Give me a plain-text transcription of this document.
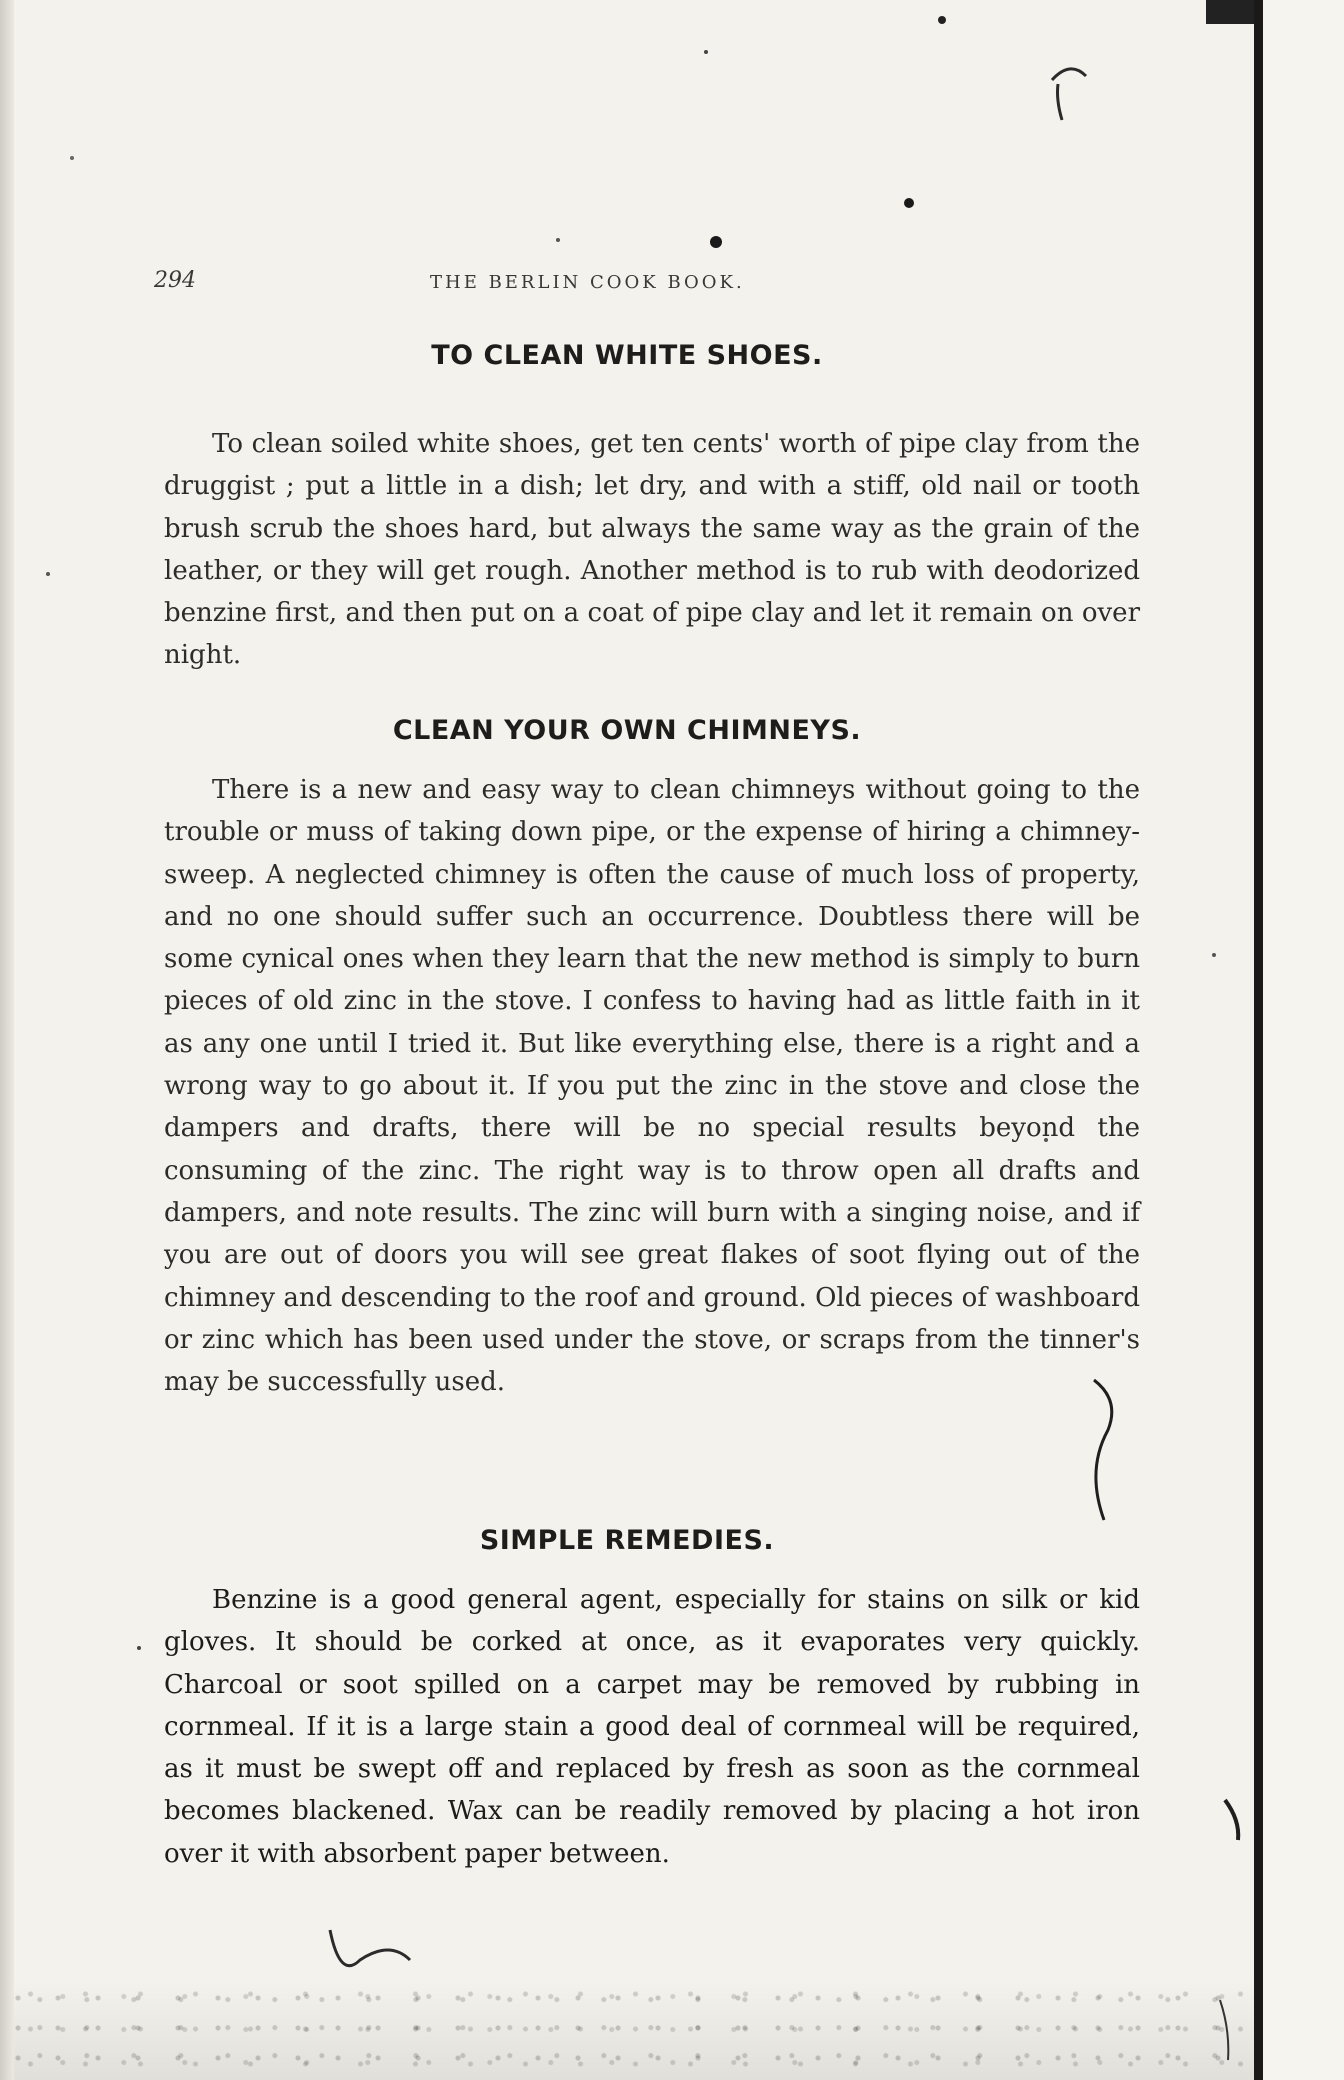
294	THE BERLIN COOK BOOK.
TO CLEAN WHITE SHOES.

To clean soiled white shoes, get ten cents' worth of pipe clay from the druggist ; put a little in a dish; let dry, and with a stiff, old nail or tooth brush scrub the shoes hard, but always the same way as the grain of the leather, or they will get rough. Another method is to rub with deodorized benzine first, and then put on a coat of pipe clay and let it remain on over night.

CLEAN YOUR OWN CHIMNEYS.

There is a new and easy way to clean chimneys without going to the trouble or muss of taking down pipe, or the expense of hiring a chimney-sweep. A neglected chimney is often the cause of much loss of property, and no one should suffer such an occurrence. Doubtless there will be some cynical ones when they learn that the new method is simply to burn pieces of old zinc in the stove. I confess to having had as little faith in it as any one until I tried it. But like everything else, there is a right and a wrong way to go about it. If you put the zinc in the stove and close the dampers and drafts, there will be no special results beyond the consuming of the zinc. The right way is to throw open all drafts and dampers, and note results. The zinc will burn with a singing noise, and if you are out of doors you will see great flakes of soot flying out of the chimney and descending to the roof and ground. Old pieces of washboard or zinc which has been used under the stove, or scraps from the tinner's may be successfully used.

SIMPLE REMEDIES.

Benzine is a good general agent, especially for stains on silk or kid gloves. It should be corked at once, as it evaporates very quickly. Charcoal or soot spilled on a carpet may be removed by rubbing in cornmeal. If it is a large stain a good deal of cornmeal will be required, as it must be swept off and replaced by fresh as soon as the cornmeal becomes blackened. Wax can be readily removed by placing a hot iron over it with absorbent paper between.
